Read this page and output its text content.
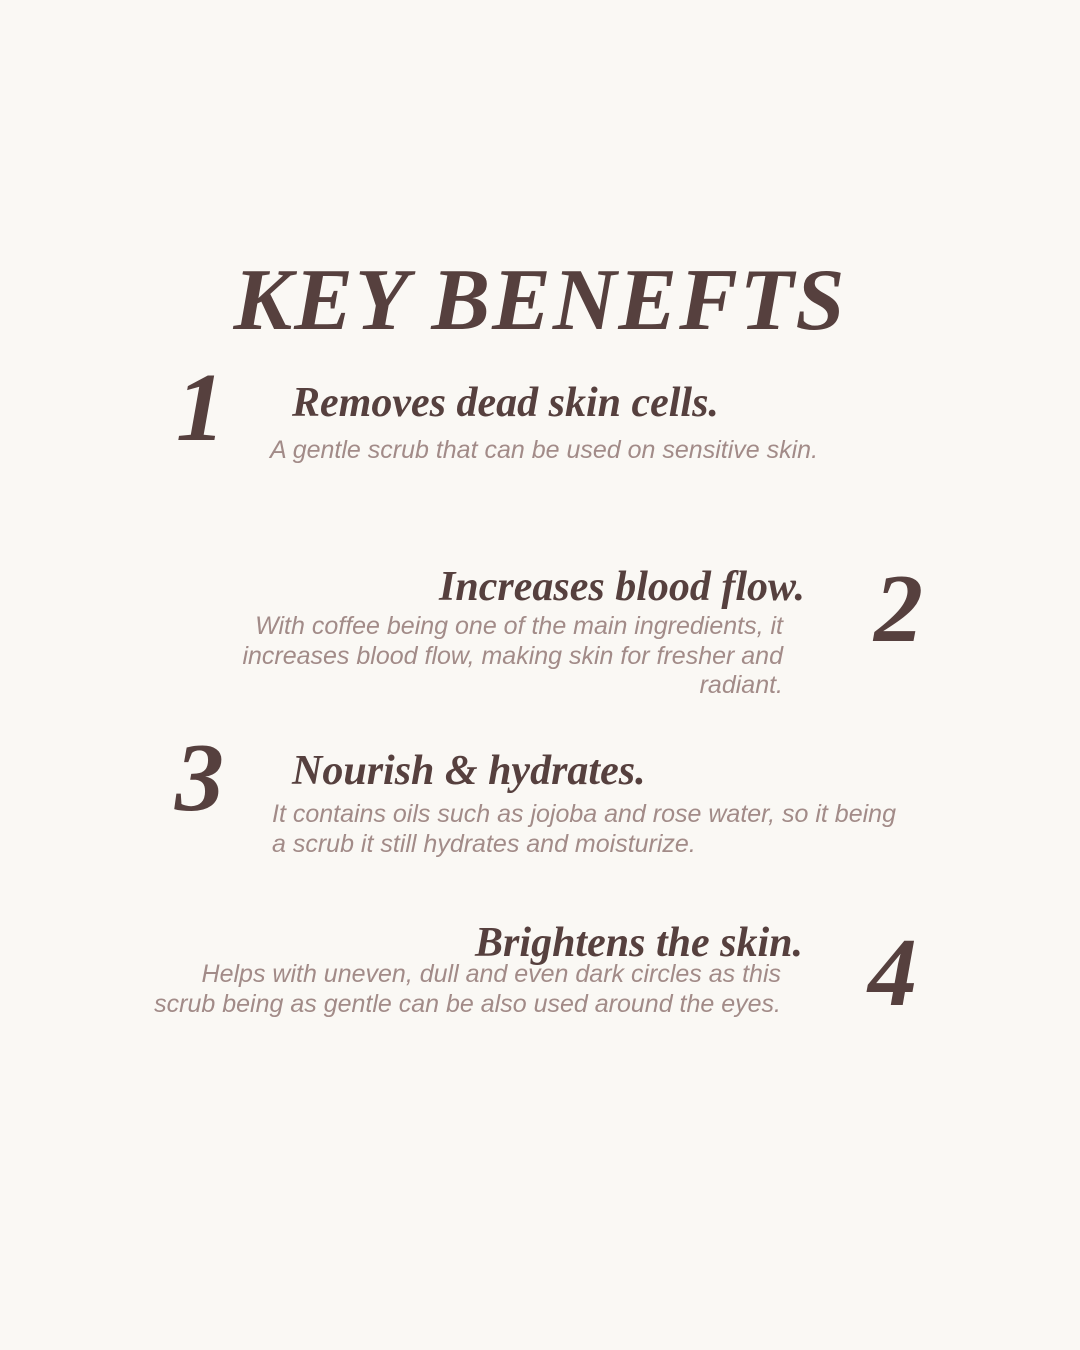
KEY BENEFTS
1 Removes dead skin cells.
A gentle scrub that can be used on sensitive skin.
Increases blood flow.
With coffee being one of the main ingredients, it increases blood flow, making skin for fresher and radiant.
2
3 Nourish & hydrates.
It contains oils such as jojoba and rose water, so it being a scrub it still hydrates and moisturize.
Brightens the skin.
Helps with uneven, dull and even dark circles as this scrub being as gentle can be also used around the eyes. 4
